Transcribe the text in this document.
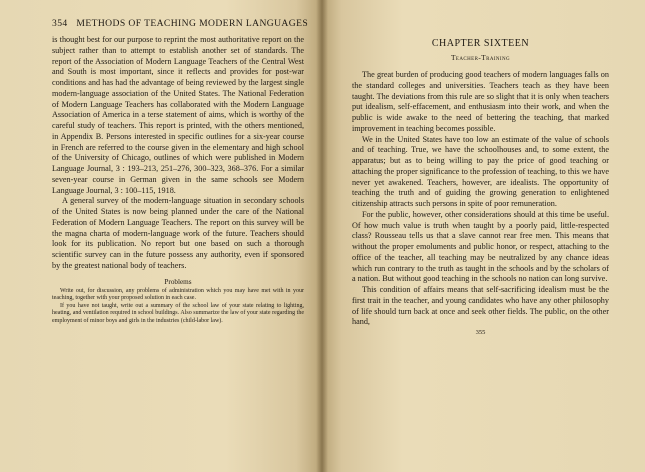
354 METHODS OF TEACHING MODERN LANGUAGES

is thought best for our purpose to reprint the most authoritative report on the subject rather than to attempt to establish another set of standards. The report of the Association of Modern Language Teachers of the Central West and South is most important, since it reflects and provides for post-war conditions and has had the advantage of being reviewed by the largest single modern-language association of the United States. The National Federation of Modern Language Teachers has collaborated with the Modern Language Association of America in a terse statement of aims, which is worthy of the careful study of teachers. This report is printed, with the others mentioned, in Appendix B. Persons interested in specific outlines for a six-year course in French are referred to the course given in the elementary and high school of the University of Chicago, outlines of which were published in Modern Language Journal, 3 : 193–213, 251–276, 300–323, 368–376. For a similar seven-year course in German given in the same schools see Modern Language Journal, 3 : 100–115, 1918.

A general survey of the modern-language situation in secondary schools of the United States is now being planned under the care of the National Federation of Modern Language Teachers. The report on this survey will be the magna charta of modern-language work of the future. Teachers should look for its publication. No report but one based on such a thorough scientific survey can in the future possess any authority, even if sponsored by the greatest national body of teachers.

Problems

Write out, for discussion, any problems of administration which you may have met with in your teaching, together with your proposed solution in each case.

If you have not taught, write out a summary of the school law of your state relating to lighting, heating, and ventilation required in school buildings. Also summarize the law of your state regarding the employment of minor boys and girls in the industries (child-labor law).

CHAPTER SIXTEEN
Teacher-Training

The great burden of producing good teachers of modern languages falls on the standard colleges and universities. Teachers teach as they have been taught. The deviations from this rule are so slight that it is only when teachers put idealism, self-effacement, and enthusiasm into their work, and when the public is wide awake to the need of bettering the teaching, that marked improvement in teaching becomes possible.

We in the United States have too low an estimate of the value of schools and of teaching. True, we have the schoolhouses and, to some extent, the apparatus; but as to being willing to pay the price of good teaching or attaching the proper significance to the profession of teaching, to this we have never yet awakened. Teachers, however, are idealists. The opportunity of teaching the truth and of guiding the growing generation to enlightened citizenship attracts such persons in spite of poor remuneration.

For the public, however, other considerations should at this time be useful. Of how much value is truth when taught by a poorly paid, little-respected class? Rousseau tells us that a slave cannot rear free men. This means that without the proper emoluments and public honor, or respect, attaching to the office of the teacher, all teaching may be neutralized by any chance ideas which run contrary to the truth as taught in the schools and by the scholars of a nation. But without good teaching in the schools no nation can long survive.

This condition of affairs means that self-sacrificing idealism must be the first trait in the teacher, and young candidates who have any other philosophy of life should turn back at once and seek other fields. The public, on the other hand,

355
